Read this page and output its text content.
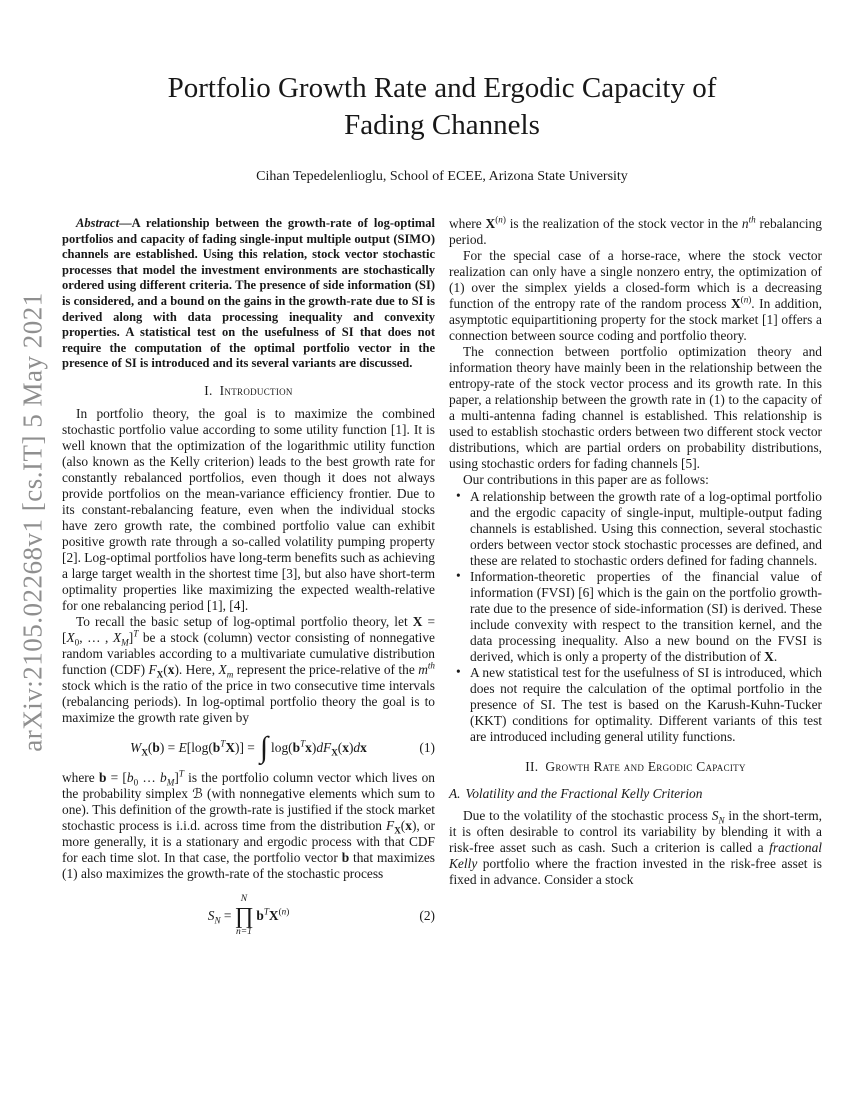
arXiv:2105.02268v1 [cs.IT] 5 May 2021
Portfolio Growth Rate and Ergodic Capacity of
Fading Channels
Cihan Tepedelenlioglu, School of ECEE, Arizona State University

Abstract—A relationship between the growth-rate of log-optimal portfolios and capacity of fading single-input multiple output (SIMO) channels are established. Using this relation, stock vector stochastic processes that model the investment environments are stochastically ordered using different criteria. The presence of side information (SI) is considered, and a bound on the gains in the growth-rate due to SI is derived along with data processing inequality and convexity properties. A statistical test on the usefulness of SI that does not require the computation of the optimal portfolio vector in the presence of SI is introduced and its several variants are discussed.

I. Introduction

In portfolio theory, the goal is to maximize the combined stochastic portfolio value according to some utility function [1]. It is well known that the optimization of the logarithmic utility function (also known as the Kelly criterion) leads to the best growth rate for constantly rebalanced portfolios, even though it does not always provide portfolios on the mean-variance efficiency frontier. Due to its constant-rebalancing feature, even when the individual stocks have zero growth rate, the combined portfolio value can exhibit positive growth rate through a so-called volatility pumping property [2]. Log-optimal portfolios have long-term benefits such as achieving a large target wealth in the shortest time [3], but also have short-term optimality properties like maximizing the expected wealth-relative for one rebalancing period [1], [4].

To recall the basic setup of log-optimal portfolio theory, let $X = [X_0$, … , $X_M]^T$ be a stock (column) vector consisting of nonnegative random variables according to a multivariate cumulative distribution function (CDF) $F_X(x)$. Here, $X_m$ represent the price-relative of the $m^{th}$ stock which is the ratio of the price in two consecutive time intervals (rebalancing periods). In log-optimal portfolio theory the goal is to maximize the growth rate given by

$W_X(b) = E[\log(b^TX)]$ = ∫ $\log(b^Tx)dF_X(x)dx$	(1)

where $b = [b_0$ … $b_M]^T$ is the portfolio column vector which lives on the probability simplex ℬ (with nonnegative elements which sum to one). This definition of the growth-rate is justified if the stock market stochastic process is i.i.d. across time from the distribution $F_X(x)$, or more generally, it is a stationary and ergodic process with that CDF for each time slot. In that case, the portfolio vector b that maximizes (1) also maximizes the growth-rate of the stochastic process

$S_N$ =
N
∏
n=1
$b^TX^{(n)}$	(2)

where $X^{(n)}$ is the realization of the stock vector in the $n^{th}$ rebalancing period.

For the special case of a horse-race, where the stock vector realization can only have a single nonzero entry, the optimization of (1) over the simplex yields a closed-form which is a decreasing function of the entropy rate of the random process $X^{(n)}$. In addition, asymptotic equipartitioning property for the stock market [1] offers a connection between source coding and portfolio theory.

The connection between portfolio optimization theory and information theory have mainly been in the relationship between the entropy-rate of the stock vector process and its growth rate. In this paper, a relationship between the growth rate in (1) to the capacity of a multi-antenna fading channel is established. This relationship is used to establish stochastic orders between two different stock vector distributions, which are partial orders on probability distributions, using stochastic orders for fading channels [5].

Our contributions in this paper are as follows:

• A relationship between the growth rate of a log-optimal portfolio and the ergodic capacity of single-input, multiple-output fading channels is established. Using this connection, several stochastic orders between vector stock stochastic processes are defined, and these are related to stochastic orders defined for fading channels.
• Information-theoretic properties of the financial value of information (FVSI) [6] which is the gain on the portfolio growth-rate due to the presence of side-information (SI) is derived. These include convexity with respect to the transition kernel, and the data processing inequality. Also a new bound on the FVSI is derived, which is only a property of the distribution of X.
• A new statistical test for the usefulness of SI is introduced, which does not require the calculation of the optimal portfolio in the presence of SI. The test is based on the Karush-Kuhn-Tucker (KKT) conditions for optimality. Different variants of this test are introduced including general utility functions.
II. Growth Rate and Ergodic Capacity
A. Volatility and the Fractional Kelly Criterion

Due to the volatility of the stochastic process $S_N$ in the short-term, it is often desirable to control its variability by blending it with a risk-free asset such as cash. Such a criterion is called a fractional Kelly portfolio where the fraction invested in the risk-free asset is fixed in advance. Consider a stock
